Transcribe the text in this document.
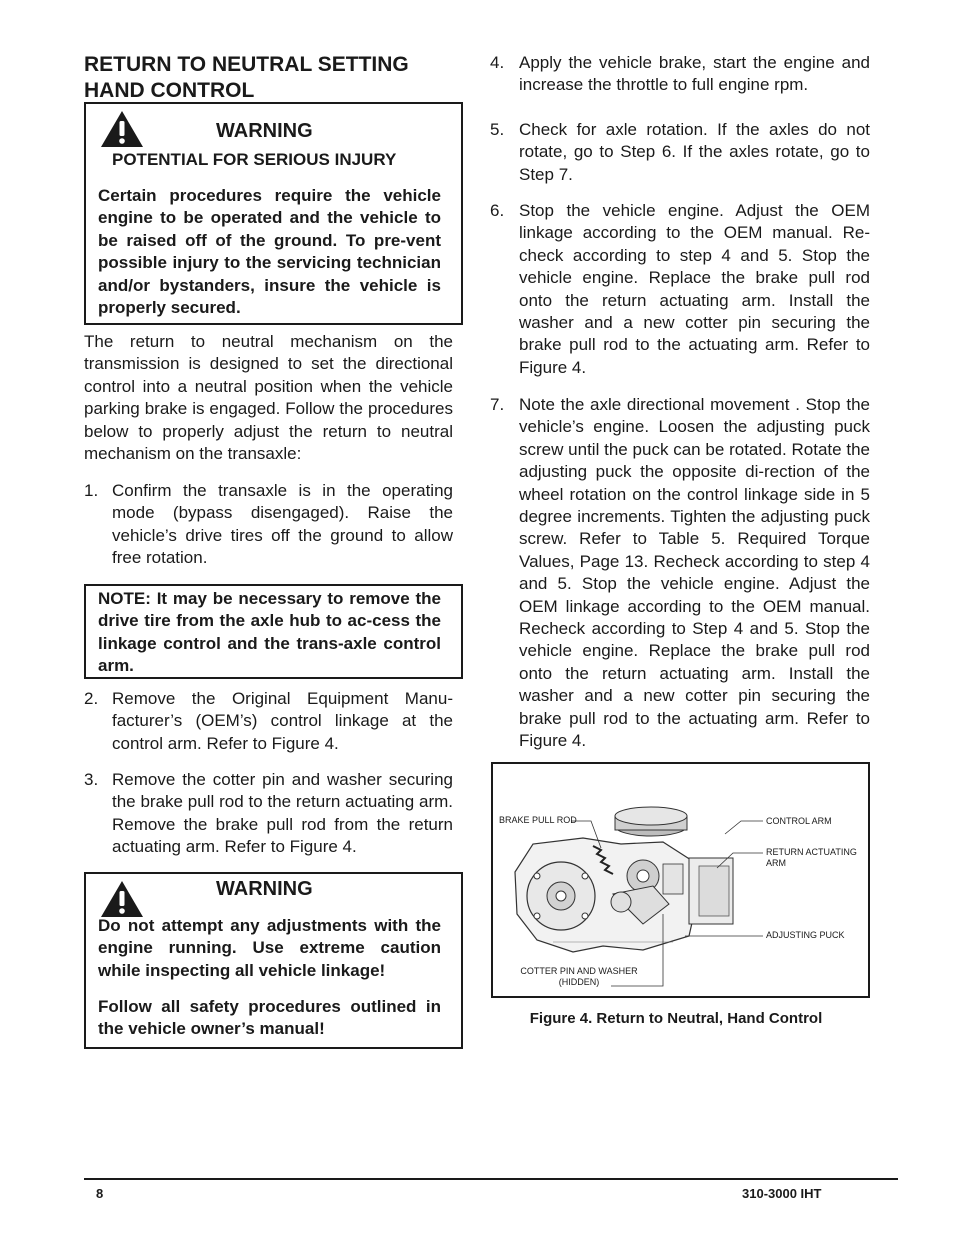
RETURN TO NEUTRAL SETTING
HAND CONTROL
WARNING
POTENTIAL FOR SERIOUS INJURY

Certain procedures require the vehicle engine to be operated and the vehicle to be raised off of the ground. To pre-vent possible injury to the servicing technician and/or bystanders, insure the vehicle is properly secured.

The return to neutral mechanism on the transmission is designed to set the directional control into a neutral position when the vehicle parking brake is engaged. Follow the procedures below to properly adjust the return to neutral mechanism on the transaxle:

1. Confirm the transaxle is in the operating mode (bypass disengaged). Raise the vehicle’s drive tires off the ground to allow free rotation.

NOTE: It may be necessary to remove the drive tire from the axle hub to ac-cess the linkage control and the trans-axle control arm.

2. Remove the Original Equipment Manu-facturer’s (OEM’s) control linkage at the control arm. Refer to Figure 4.

3. Remove the cotter pin and washer securing the brake pull rod to the return actuating arm. Remove the brake pull rod from the return actuating arm. Refer to Figure 4.

WARNING

Do not attempt any adjustments with the engine running. Use extreme caution while inspecting all vehicle linkage!

Follow all safety procedures outlined in the vehicle owner’s manual!

4. Apply the vehicle brake, start the engine and increase the throttle to full engine rpm.

5. Check for axle rotation. If the axles do not rotate, go to Step 6. If the axles rotate, go to Step 7.

6. Stop the vehicle engine. Adjust the OEM linkage according to the OEM manual. Re-check according to step 4 and 5. Stop the vehicle engine. Replace the brake pull rod onto the return actuating arm. Install the washer and a new cotter pin securing the brake pull rod to the actuating arm. Refer to Figure 4.

7. Note the axle directional movement . Stop the vehicle’s engine. Loosen the adjusting puck screw until the puck can be rotated. Rotate the adjusting puck the opposite di-rection of the wheel rotation on the control linkage side in 5 degree increments. Tighten the adjusting puck screw. Refer to Table 5. Required Torque Values, Page 13. Recheck according to step 4 and 5. Stop the vehicle engine. Adjust the OEM linkage according to the OEM manual. Recheck according to Step 4 and 5. Stop the vehicle engine. Replace the brake pull rod onto the return actuating arm. Install the washer and a new cotter pin securing the brake pull rod to the actuating arm. Refer to Figure 4.

BRAKE PULL ROD	CONTROL ARM
RETURN ACTUATING ARM
ADJUSTING PUCK
COTTER PIN AND WASHER
(HIDDEN)
Figure 4. Return to Neutral, Hand Control
8	310-3000 IHT
